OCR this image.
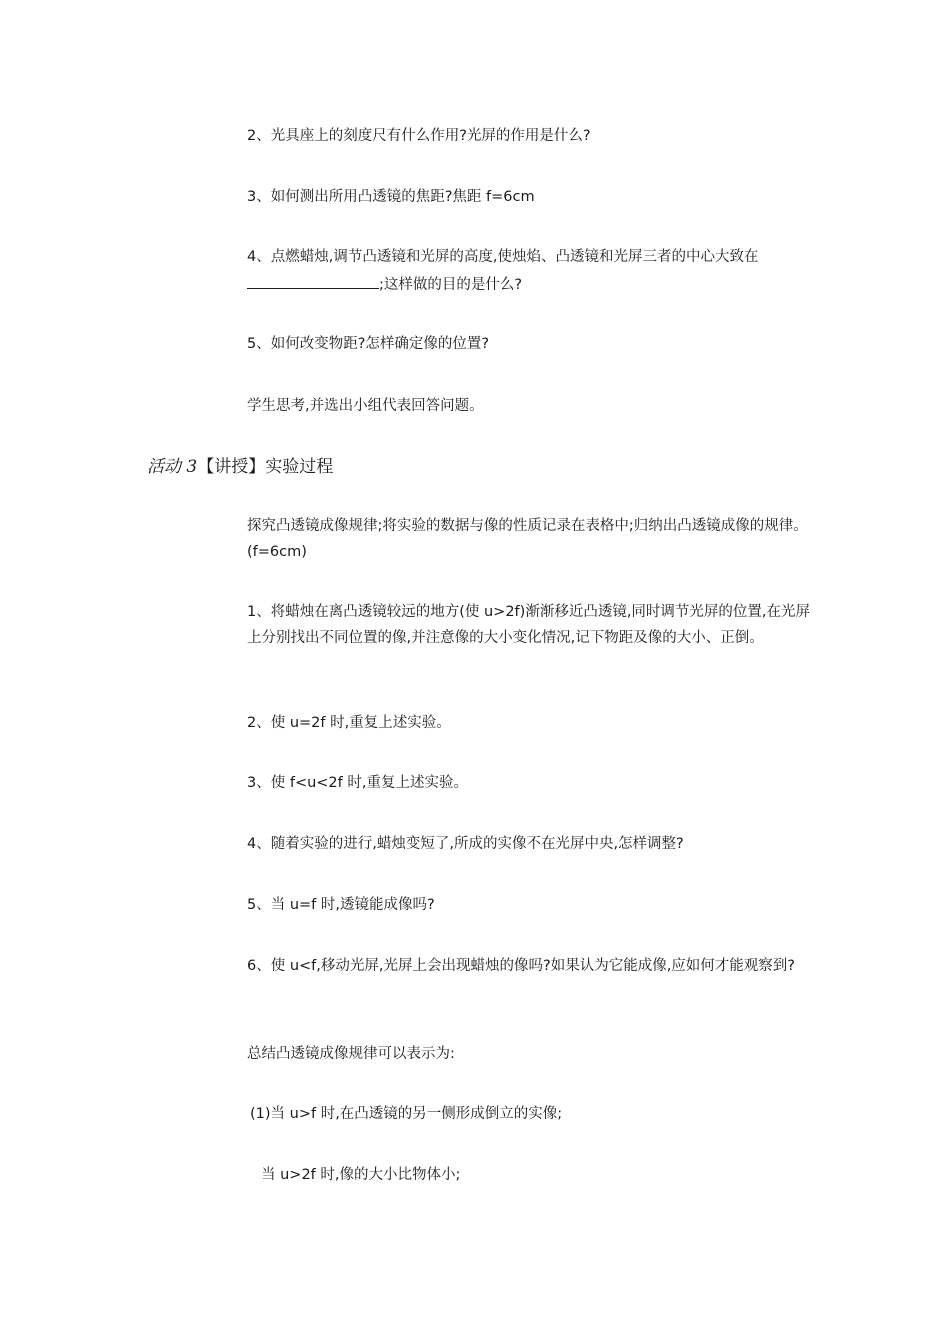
2、光具座上的刻度尺有什么作用?光屏的作用是什么?

3、如何测出所用凸透镜的焦距?焦距 f=6cm

4、点燃蜡烛,调节凸透镜和光屏的高度,使烛焰、凸透镜和光屏三者的中心大致在;这样做的目的是什么?

5、如何改变物距?怎样确定像的位置?

学生思考,并选出小组代表回答问题。

活动 3【讲授】实验过程

探究凸透镜成像规律;将实验的数据与像的性质记录在表格中;归纳出凸透镜成像的规律。(f=6cm)

1、将蜡烛在离凸透镜较远的地方(使 u>2f)渐渐移近凸透镜,同时调节光屏的位置,在光屏上分别找出不同位置的像,并注意像的大小变化情况,记下物距及像的大小、正倒。

2、使 u=2f 时,重复上述实验。

3、使 f<u<2f 时,重复上述实验。

4、随着实验的进行,蜡烛变短了,所成的实像不在光屏中央,怎样调整?

5、当 u=f 时,透镜能成像吗?

6、使 u<f,移动光屏,光屏上会出现蜡烛的像吗?如果认为它能成像,应如何才能观察到?

总结凸透镜成像规律可以表示为:

(1)当 u>f 时,在凸透镜的另一侧形成倒立的实像;

当 u>2f 时,像的大小比物体小;
